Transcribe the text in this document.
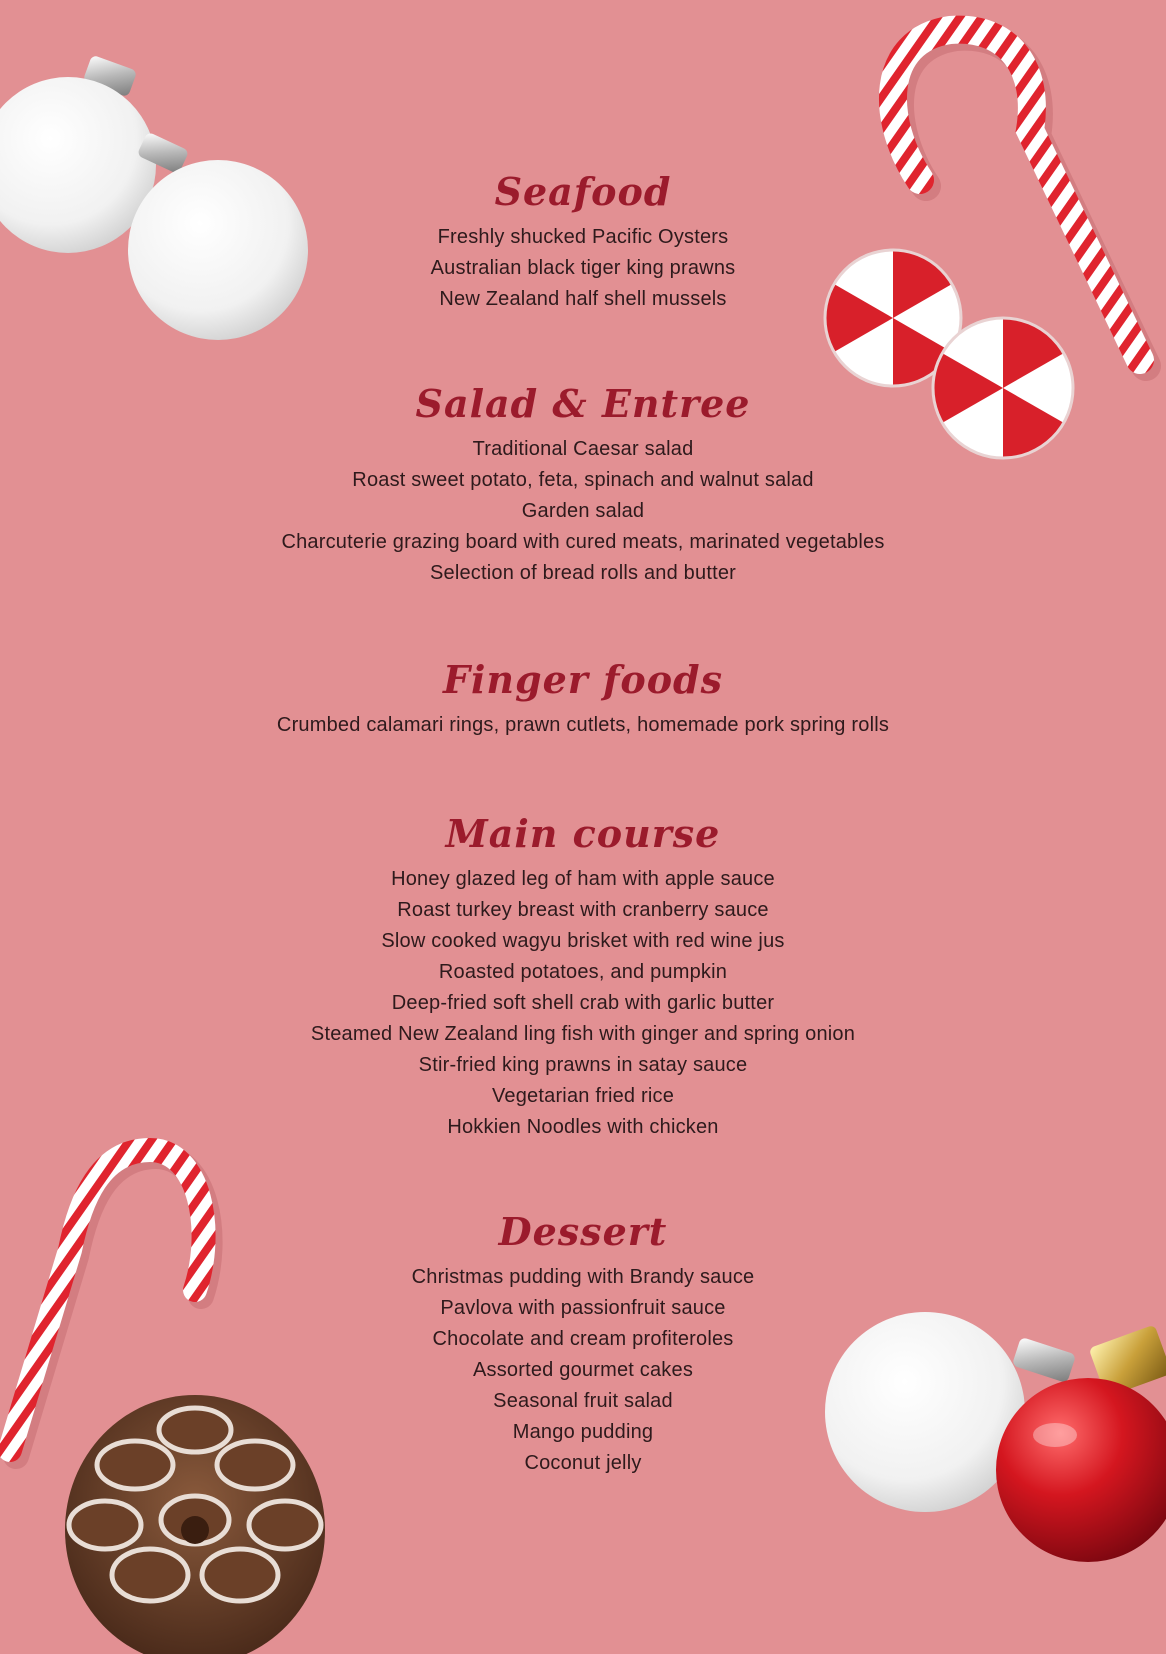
Seafood
Freshly shucked Pacific Oysters
Australian black tiger king prawns
New Zealand half shell mussels
Salad & Entree
Traditional Caesar salad
Roast sweet potato, feta, spinach and walnut salad
Garden salad
Charcuterie grazing board with cured meats, marinated vegetables
Selection of bread rolls and butter
Finger foods
Crumbed calamari rings, prawn cutlets, homemade pork spring rolls
Main course
Honey glazed leg of ham with apple sauce
Roast turkey breast with cranberry sauce
Slow cooked wagyu brisket with red wine jus
Roasted potatoes, and pumpkin
Deep-fried soft shell crab with garlic butter
Steamed New Zealand ling fish with ginger and spring onion
Stir-fried king prawns in satay sauce
Vegetarian fried rice
Hokkien Noodles with chicken
Dessert
Christmas pudding with Brandy sauce
Pavlova with passionfruit sauce
Chocolate and cream profiteroles
Assorted gourmet cakes
Seasonal fruit salad
Mango pudding
Coconut jelly
